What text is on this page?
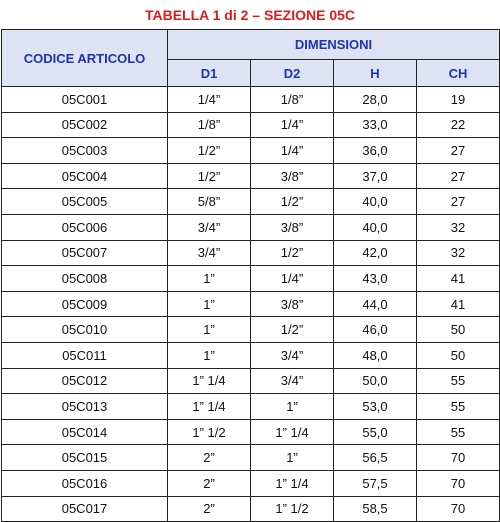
TABELLA 1 di 2 – SEZIONE 05C
CODICE ARTICOLO	DIMENSIONI			
	D1	D2	H	CH
05C001	1/4”	1/8”	28,0	19
05C002	1/8”	1/4”	33,0	22
05C003	1/2”	1/4”	36,0	27
05C004	1/2”	3/8”	37,0	27
05C005	5/8”	1/2”	40,0	27
05C006	3/4”	3/8”	40,0	32
05C007	3/4”	1/2”	42,0	32
05C008	1”	1/4”	43,0	41
05C009	1”	3/8”	44,0	41
05C010	1”	1/2”	46,0	50
05C011	1”	3/4”	48,0	50
05C012	1” 1/4	3/4”	50,0	55
05C013	1” 1/4	1”	53,0	55
05C014	1” 1/2	1” 1/4	55,0	55
05C015	2”	1”	56,5	70
05C016	2”	1” 1/4	57,5	70
05C017	2”	1” 1/2	58,5	70
